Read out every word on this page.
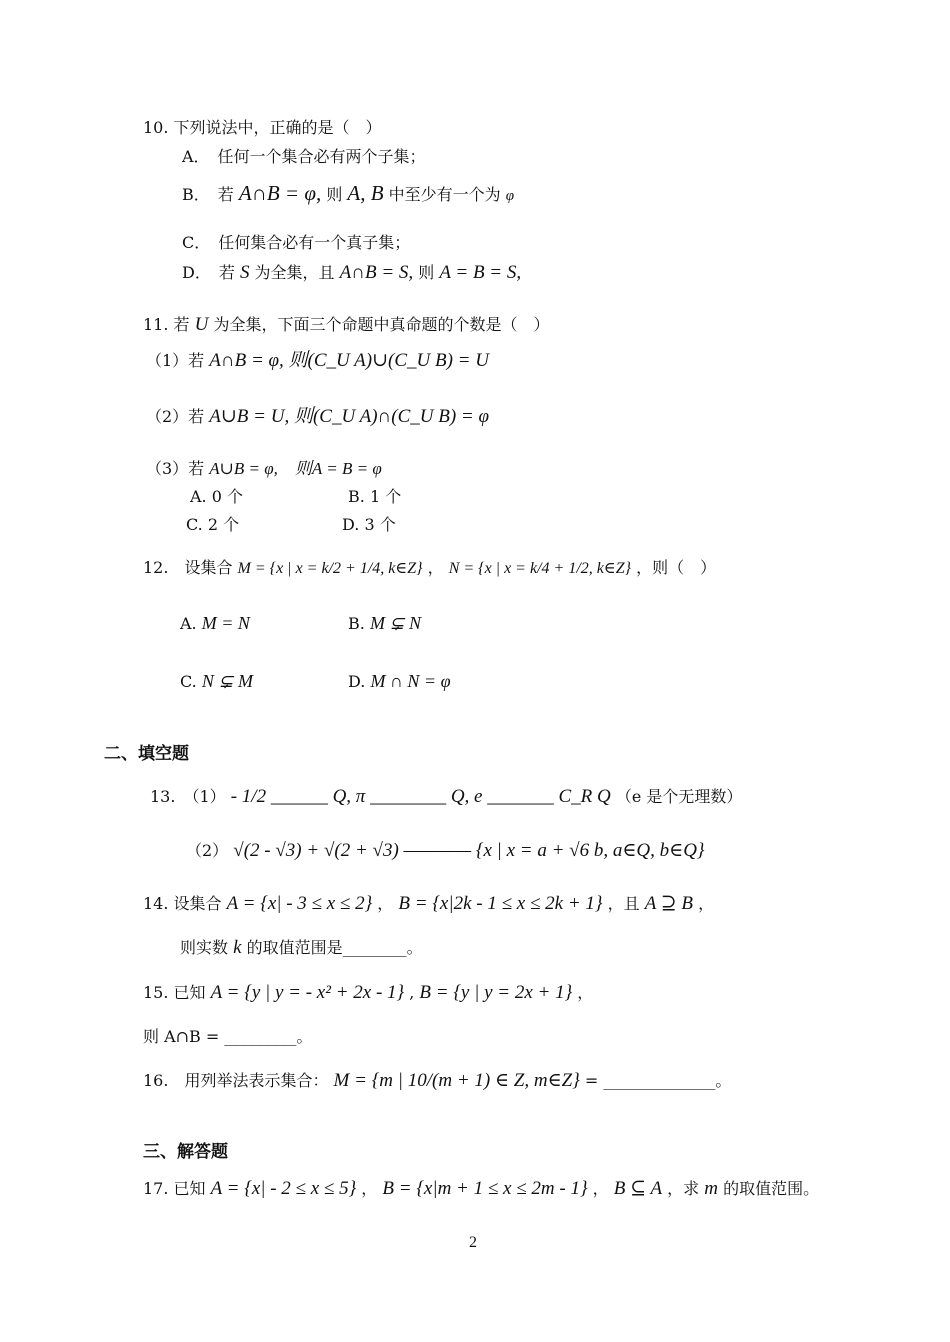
10. 下列说法中，正确的是（　）
A．　任何一个集合必有两个子集；
B．　若 A∩B = φ, 则 A, B 中至少有一个为 φ
C．　任何集合必有一个真子集；
D．　若 S 为全集，且 A∩B = S, 则 A = B = S,
11. 若 U 为全集，下面三个命题中真命题的个数是（　）
（1）若 A∩B = φ, 则(C_U A)∪(C_U B) = U
（2）若 A∪B = U, 则(C_U A)∩(C_U B) = φ
（3）若 A∪B = φ,　则A = B = φ
A. 0 个	B. 1 个
C. 2 个	D. 3 个
12.　设集合 M = {x | x = k/2 + 1/4, k∈Z} ， N = {x | x = k/4 + 1/2, k∈Z} ，则（　）
A. M = N	B. M ⊊ N
C. N ⊊ M	D. M ∩ N = φ
二、填空题
13.　（1） - 1/2 ______ Q, π ________ Q, e _______ C_R Q （e 是个无理数）
（2） √(2 - √3) + √(2 + √3) ———— {x | x = a + √6 b, a∈Q, b∈Q}
14. 设集合 A = {x| - 3 ≤ x ≤ 2} ， B = {x|2k - 1 ≤ x ≤ 2k + 1} ，且 A ⊇ B ，
则实数 k 的取值范围是________。
15. 已知 A = {y | y = - x² + 2x - 1} , B = {y | y = 2x + 1} ，
则 A∩B = _________。
16.　用列举法表示集合： M = {m | 10/(m + 1) ∈ Z, m∈Z} = ______________。
三、解答题
17. 已知 A = {x| - 2 ≤ x ≤ 5} ， B = {x|m + 1 ≤ x ≤ 2m - 1} ， B ⊆ A ，求 m 的取值范围。
2
